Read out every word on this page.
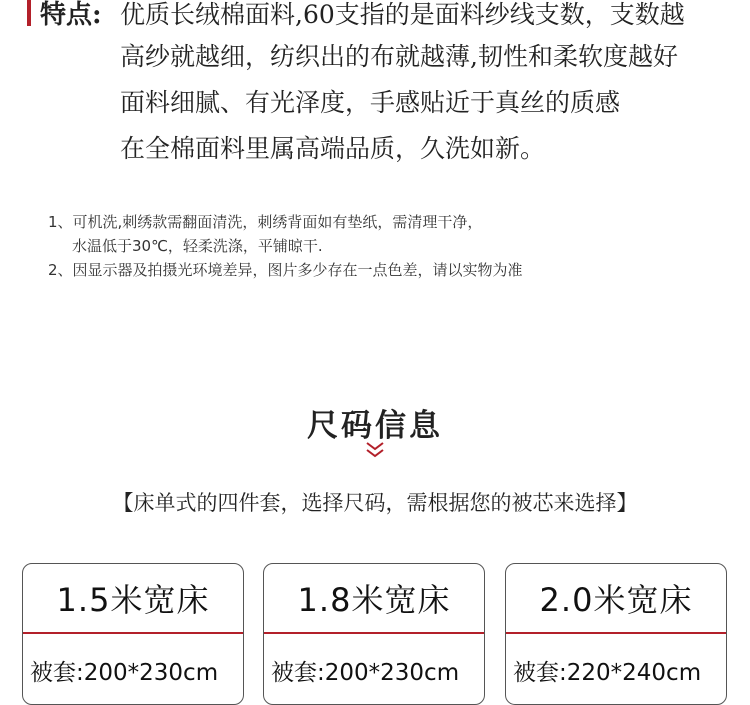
特点: 优质长绒棉面料,60支指的是面料纱线支数，支数越
高纱就越细，纺织出的布就越薄,韧性和柔软度越好
面料细腻、有光泽度，手感贴近于真丝的质感
在全棉面料里属高端品质，久洗如新。
1、可机洗,刺绣款需翻面清洗，刺绣背面如有垫纸，需清理干净，
水温低于30℃，轻柔洗涤，平铺晾干.
2、因显示器及拍摄光环境差异，图片多少存在一点色差，请以实物为准
尺码信息
【床单式的四件套，选择尺码，需根据您的被芯来选择】
1.5米宽床
被套:200*230cm
1.8米宽床
被套:200*230cm
2.0米宽床
被套:220*240cm
